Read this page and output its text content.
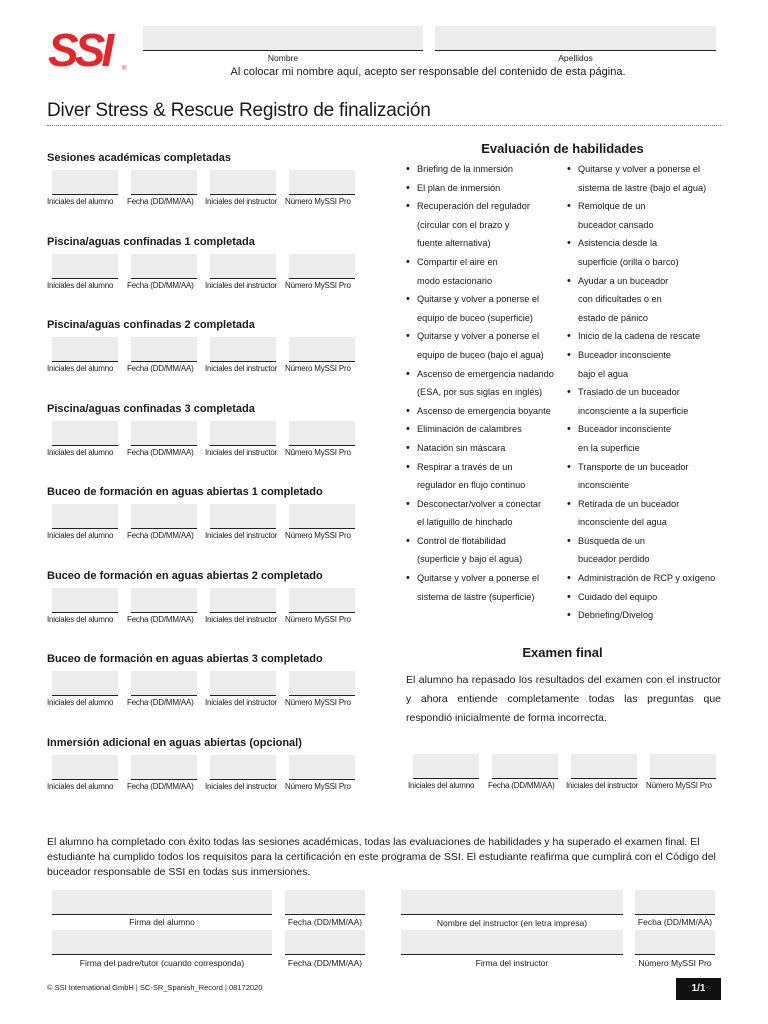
SSI	®
Nombre	Apellidos
Al colocar mi nombre aquí, acepto ser responsable del contenido de esta página.
Diver Stress & Rescue Registro de finalización
Sesiones académicas completadas
Iniciales del alumno Fecha (DD/MM/AA) Iniciales del instructor Número MySSI Pro
Piscina/aguas confinadas 1 completada
Iniciales del alumno Fecha (DD/MM/AA) Iniciales del instructor Número MySSI Pro
Piscina/aguas confinadas 2 completada
Iniciales del alumno Fecha (DD/MM/AA) Iniciales del instructor Número MySSI Pro
Piscina/aguas confinadas 3 completada
Iniciales del alumno Fecha (DD/MM/AA) Iniciales del instructor Número MySSI Pro
Buceo de formación en aguas abiertas 1 completado
Iniciales del alumno Fecha (DD/MM/AA) Iniciales del instructor Número MySSI Pro
Buceo de formación en aguas abiertas 2 completado
Iniciales del alumno Fecha (DD/MM/AA) Iniciales del instructor Número MySSI Pro
Buceo de formación en aguas abiertas 3 completado
Iniciales del alumno Fecha (DD/MM/AA) Iniciales del instructor Número MySSI Pro
Inmersión adicional en aguas abiertas (opcional)
Iniciales del alumno Fecha (DD/MM/AA) Iniciales del instructor Número MySSI Pro
Evaluación de habilidades
• Briefing de la inmersión
• El plan de inmersión
• Recuperación del regulador
(circular con el brazo y
fuente alternativa)
• Compartir el aire en
modo estacionario
• Quitarse y volver a ponerse el
equipo de buceo (superficie)
• Quitarse y volver a ponerse el
equipo de buceo (bajo el agua)
• Ascenso de emergencia nadando
(ESA, por sus siglas en inglés)
• Ascenso de emergencia boyante
• Eliminación de calambres
• Natación sin máscara
• Respirar a través de un
regulador en flujo continuo
• Desconectar/volver a conectar
el latiguillo de hinchado
• Control de flotabilidad
(superficie y bajo el agua)
• Quitarse y volver a ponerse el
sistema de lastre (superficie)
• Quitarse y volver a ponerse el
sistema de lastre (bajo el agua)
• Remolque de un
buceador cansado
• Asistencia desde la
superficie (orilla o barco)
• Ayudar a un buceador
con dificultades o en
estado de pánico
• Inicio de la cadena de rescate
• Buceador inconsciente
bajo el agua
• Traslado de un buceador
inconsciente a la superficie
• Buceador inconsciente
en la superficie
• Transporte de un buceador
inconsciente
• Retirada de un buceador
inconsciente del agua
• Búsqueda de un
buceador perdido
• Administración de RCP y oxígeno
• Cuidado del equipo
• Debriefing/Divelog
Examen final
El alumno ha repasado los resultados del examen con el instructor y ahora entiende completamente todas las preguntas que respondió inicialmente de forma incorrecta.
Iniciales del alumno Fecha (DD/MM/AA) Iniciales del instructor Número MySSI Pro
El alumno ha completado con éxito todas las sesiones académicas, todas las evaluaciones de habilidades y ha superado el examen final. El estudiante ha cumplido todos los requisitos para la certificación en este programa de SSI. El estudiante reafirma que cumplirá con el Código del buceador responsable de SSI en todas sus inmersiones.
Firma del alumno	Fecha (DD/MM/AA)	Nombre del instructor (en letra impresa)	Fecha (DD/MM/AA)
Firma del padre/tutor (cuando corresponda)	Fecha (DD/MM/AA)	Firma del instructor	Número MySSI Pro
© SSI International GmbH | SC-SR_Spanish_Record | 08172020	1/1
